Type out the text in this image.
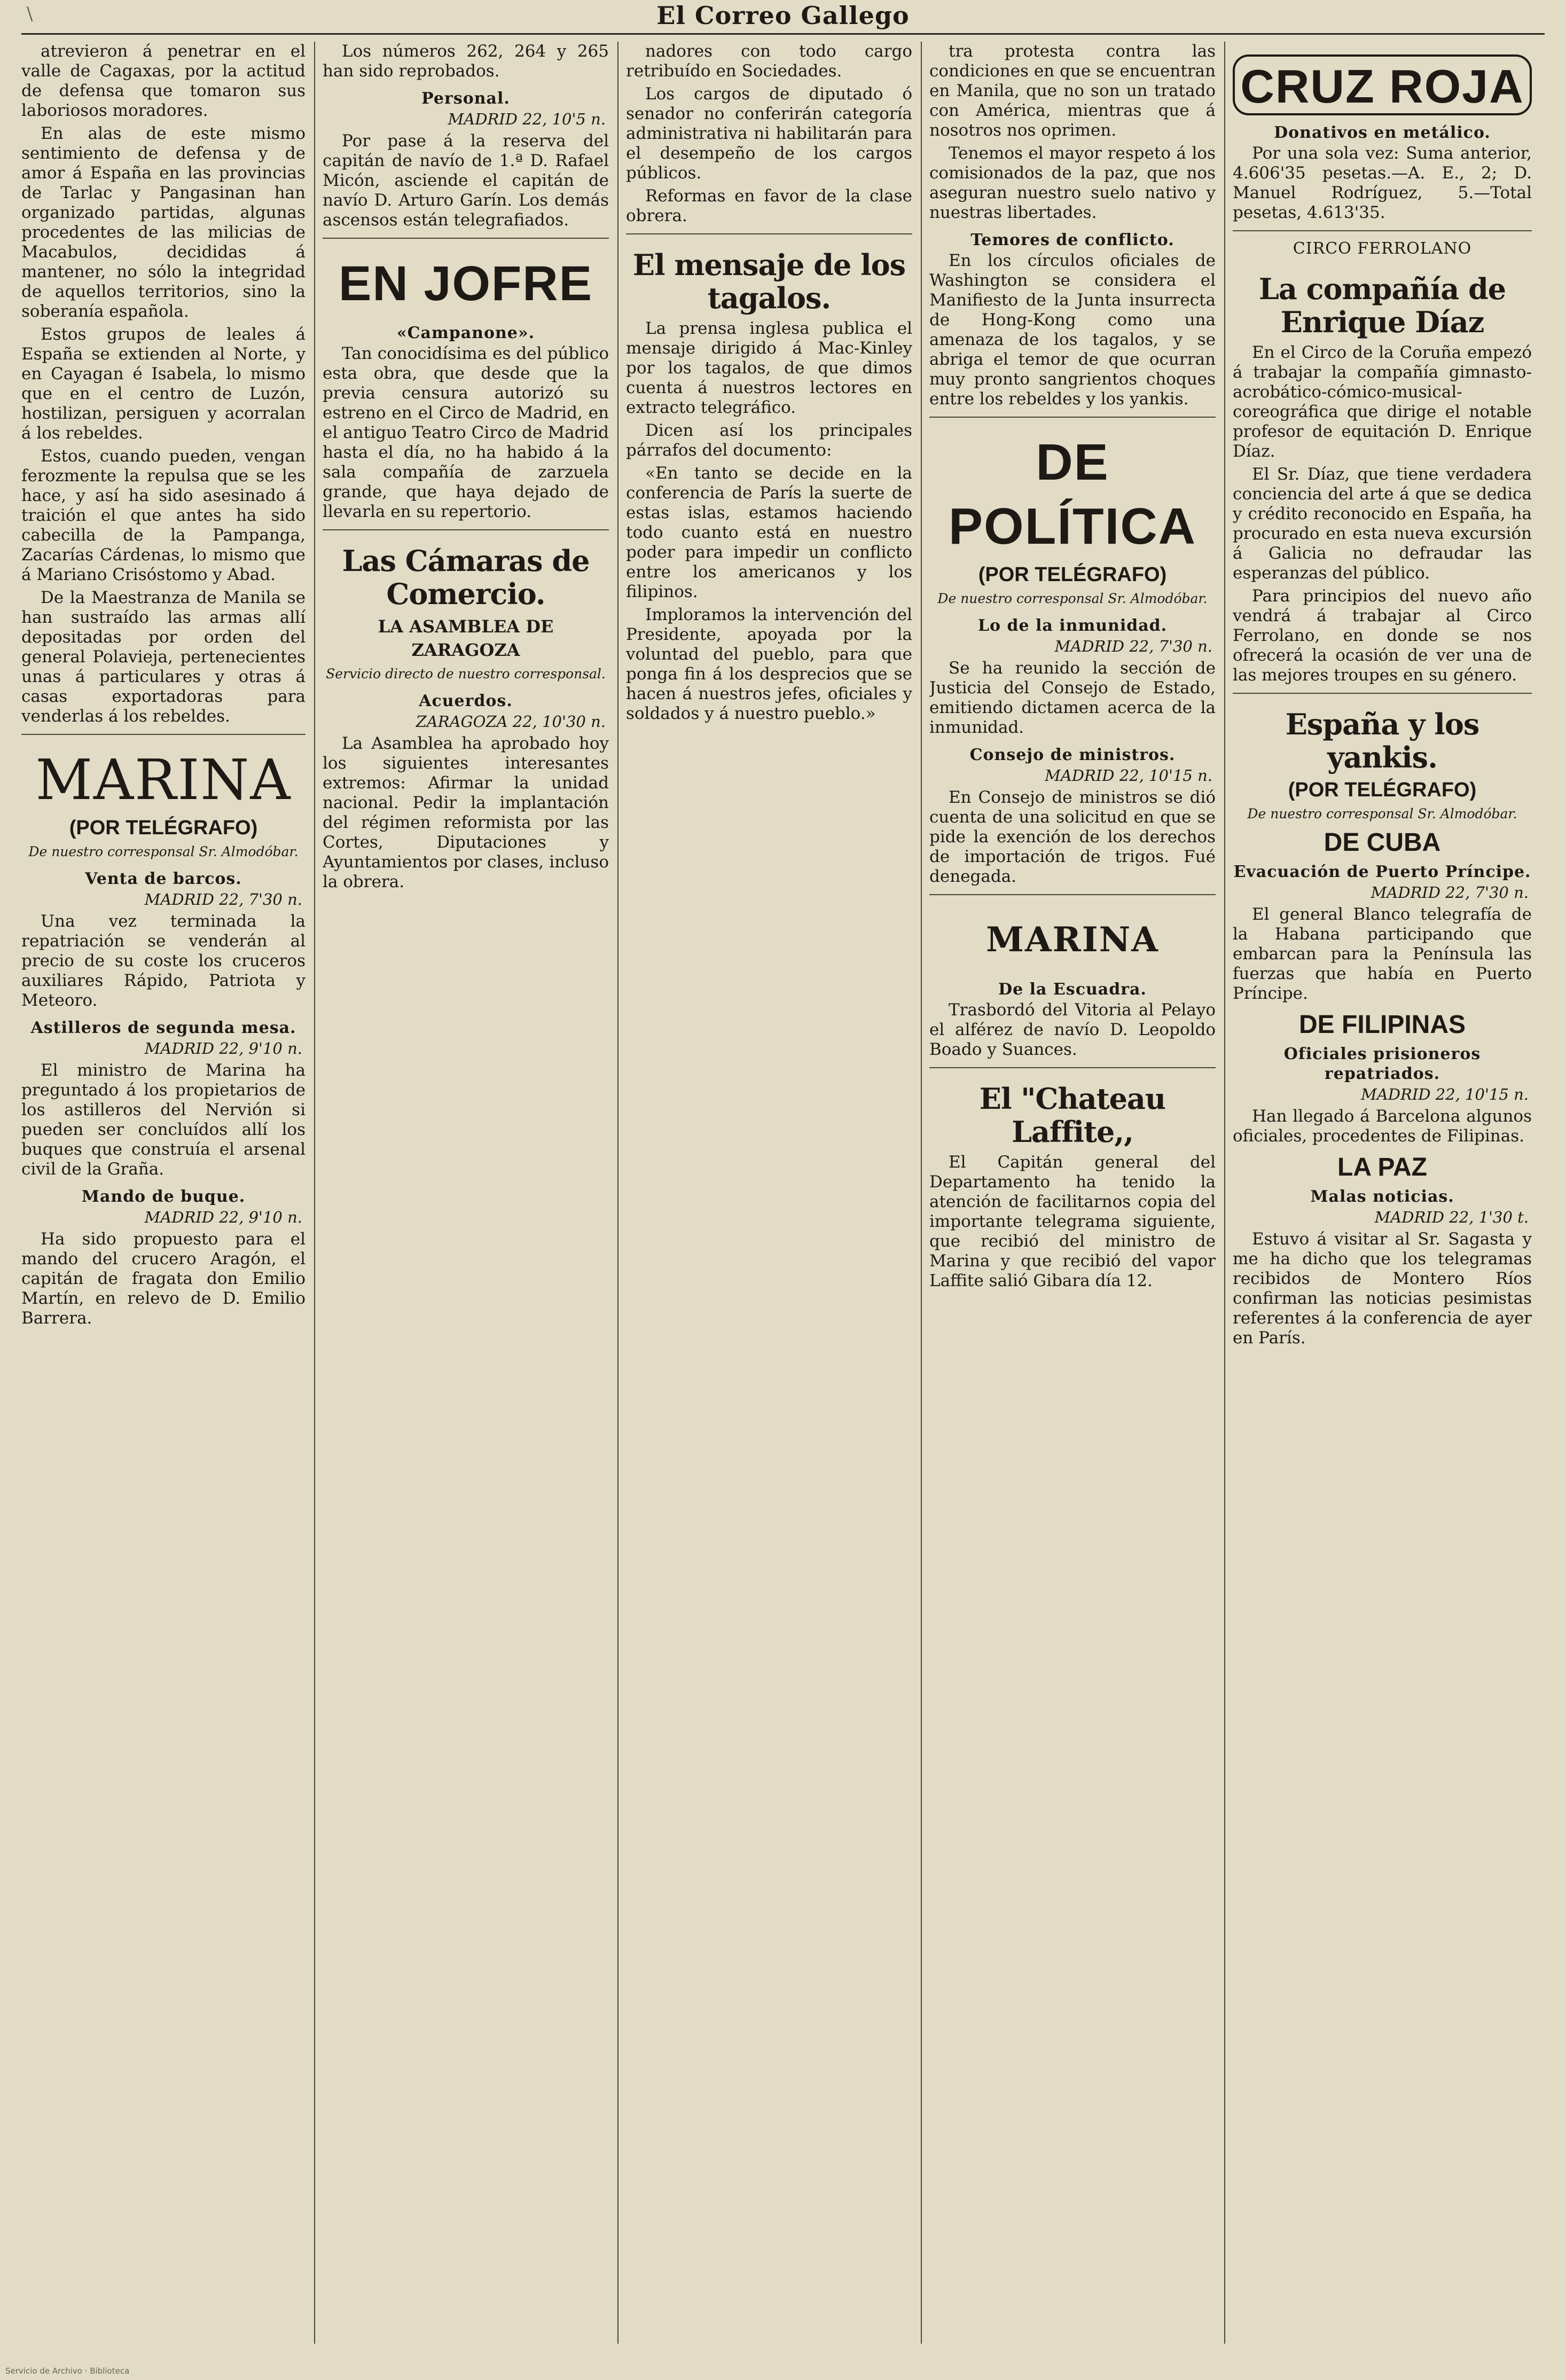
\	El Correo Gallego

atrevieron á penetrar en el valle de Cagaxas, por la actitud de defensa que tomaron sus laboriosos moradores.

En alas de este mismo sentimiento de defensa y de amor á España en las provincias de Tarlac y Pangasinan han organizado partidas, algunas procedentes de las milicias de Macabulos, decididas á mantener, no sólo la integridad de aquellos territorios, sino la soberanía española.

Estos grupos de leales á España se extienden al Norte, y en Cayagan é Isabela, lo mismo que en el centro de Luzón, hostilizan, persiguen y acorralan á los rebeldes.

Estos, cuando pueden, vengan ferozmente la repulsa que se les hace, y así ha sido asesinado á traición el que antes ha sido cabecilla de la Pampanga, Zacarías Cárdenas, lo mismo que á Mariano Crisóstomo y Abad.

De la Maestranza de Manila se han sustraído las armas allí depositadas por orden del general Polavieja, pertenecientes unas á particulares y otras á casas exportadoras para venderlas á los rebeldes.

MARINA
(POR TELÉGRAFO)
De nuestro corresponsal Sr. Almodóbar.
Venta de barcos.
MADRID 22, 7'30 n.

Una vez terminada la repatriación se venderán al precio de su coste los cruceros auxiliares Rápido, Patriota y Meteoro.

Astilleros de segunda mesa.
MADRID 22, 9'10 n.

El ministro de Marina ha preguntado á los propietarios de los astilleros del Nervión si pueden ser concluídos allí los buques que construía el arsenal civil de la Graña.

Mando de buque.
MADRID 22, 9'10 n.

Ha sido propuesto para el mando del crucero Aragón, el capitán de fragata don Emilio Martín, en relevo de D. Emilio Barrera.

Los números 262, 264 y 265 han sido reprobados.

Personal.
MADRID 22, 10'5 n.

Por pase á la reserva del capitán de navío de 1.ª D. Rafael Micón, asciende el capitán de navío D. Arturo Garín. Los demás ascensos están telegrafiados.

EN JOFRE
«Campanone».

Tan conocidísima es del público esta obra, que desde que la previa censura autorizó su estreno en el Circo de Madrid, en el antiguo Teatro Circo de Madrid hasta el día, no ha habido á la sala compañía de zarzuela grande, que haya dejado de llevarla en su repertorio.

Las Cámaras de Comercio.
LA ASAMBLEA DE ZARAGOZA
Servicio directo de nuestro corresponsal.
Acuerdos.
ZARAGOZA 22, 10'30 n.

La Asamblea ha aprobado hoy los siguientes interesantes extremos: Afirmar la unidad nacional. Pedir la implantación del régimen reformista por las Cortes, Diputaciones y Ayuntamientos por clases, incluso la obrera.

nadores con todo cargo retribuído en Sociedades.

Los cargos de diputado ó senador no conferirán categoría administrativa ni habilitarán para el desempeño de los cargos públicos.

Reformas en favor de la clase obrera.

El mensaje de los tagalos.

La prensa inglesa publica el mensaje dirigido á Mac-Kinley por los tagalos, de que dimos cuenta á nuestros lectores en extracto telegráfico.

Dicen así los principales párrafos del documento:

«En tanto se decide en la conferencia de París la suerte de estas islas, estamos haciendo todo cuanto está en nuestro poder para impedir un conflicto entre los americanos y los filipinos.

Imploramos la intervención del Presidente, apoyada por la voluntad del pueblo, para que ponga fin á los desprecios que se hacen á nuestros jefes, oficiales y soldados y á nuestro pueblo.»

tra protesta contra las condiciones en que se encuentran en Manila, que no son un tratado con América, mientras que á nosotros nos oprimen.

Tenemos el mayor respeto á los comisionados de la paz, que nos aseguran nuestro suelo nativo y nuestras libertades.

Temores de conflicto.

En los círculos oficiales de Washington se considera el Manifiesto de la Junta insurrecta de Hong-Kong como una amenaza de los tagalos, y se abriga el temor de que ocurran muy pronto sangrientos choques entre los rebeldes y los yankis.

DE POLÍTICA
(POR TELÉGRAFO)
De nuestro corresponsal Sr. Almodóbar.
Lo de la inmunidad.
MADRID 22, 7'30 n.

Se ha reunido la sección de Justicia del Consejo de Estado, emitiendo dictamen acerca de la inmunidad.

Consejo de ministros.
MADRID 22, 10'15 n.

En Consejo de ministros se dió cuenta de una solicitud en que se pide la exención de los derechos de importación de trigos. Fué denegada.

MARINA
De la Escuadra.

Trasbordó del Vitoria al Pelayo el alférez de navío D. Leopoldo Boado y Suances.

El "Chateau Laffite,,

El Capitán general del Departamento ha tenido la atención de facilitarnos copia del importante telegrama siguiente, que recibió del ministro de Marina y que recibió del vapor Laffite salió Gibara día 12.

CRUZ ROJA
Donativos en metálico.

Por una sola vez: Suma anterior, 4.606'35 pesetas.—A. E., 2; D. Manuel Rodríguez, 5.—Total pesetas, 4.613'35.

CIRCO FERROLANO
La compañía de Enrique Díaz

En el Circo de la Coruña empezó á trabajar la compañía gimnasto-acrobático-cómico-musical-coreográfica que dirige el notable profesor de equitación D. Enrique Díaz.

El Sr. Díaz, que tiene verdadera conciencia del arte á que se dedica y crédito reconocido en España, ha procurado en esta nueva excursión á Galicia no defraudar las esperanzas del público.

Para principios del nuevo año vendrá á trabajar al Circo Ferrolano, en donde se nos ofrecerá la ocasión de ver una de las mejores troupes en su género.

España y los yankis.
(POR TELÉGRAFO)
De nuestro corresponsal Sr. Almodóbar.
DE CUBA
Evacuación de Puerto Príncipe.
MADRID 22, 7'30 n.

El general Blanco telegrafía de la Habana participando que embarcan para la Península las fuerzas que había en Puerto Príncipe.

DE FILIPINAS
Oficiales prisioneros repatriados.
MADRID 22, 10'15 n.

Han llegado á Barcelona algunos oficiales, procedentes de Filipinas.

LA PAZ
Malas noticias.
MADRID 22, 1'30 t.

Estuvo á visitar al Sr. Sagasta y me ha dicho que los telegramas recibidos de Montero Ríos confirman las noticias pesimistas referentes á la conferencia de ayer en París.

Servicio de Archivo · Biblioteca
